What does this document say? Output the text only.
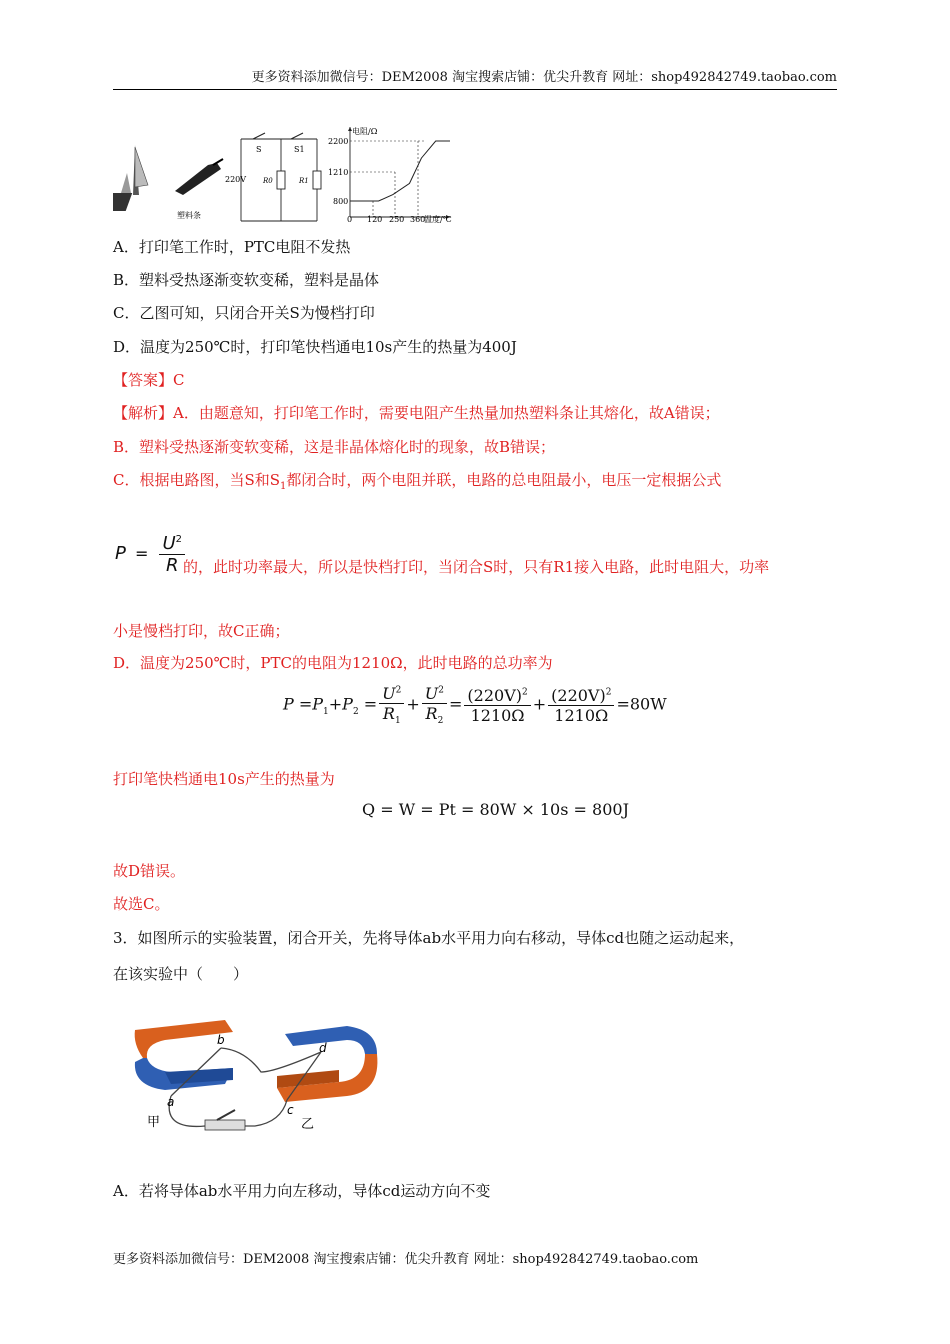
更多资料添加微信号：DEM2008 淘宝搜索店铺：优尖升教育 网址：shop492842749.taobao.com
塑料条
220V
S	S1
R0	R1
电阻/Ω
温度/℃
2200
1210
800
0 120 250 360
A．打印笔工作时，PTC电阻不发热
B．塑料受热逐渐变软变稀，塑料是晶体
C．乙图可知，只闭合开关S为慢档打印
D．温度为250℃时，打印笔快档通电10s产生的热量为400J
【答案】C
【解析】A．由题意知，打印笔工作时，需要电阻产生热量加热塑料条让其熔化，故A错误；
B．塑料受热逐渐变软变稀，这是非晶体熔化时的现象，故B错误；
C．根据电路图，当S和$S_1$都闭合时，两个电阻并联，电路的总电阻最小，电压一定根据公式
$P = \frac{U^2}{R}$
的，此时功率最大，所以是快档打印，当闭合S时，只有R1接入电路，此时电阻大，功率
小是慢档打印，故C正确；
D．温度为250℃时，PTC的电阻为1210Ω，此时电路的总功率为
$P =P_1+P_2 = \frac{U^2}{R_1} + \frac{U^2}{R_2} = \frac{(220V)^2}{1210\Omega} + \frac{(220V)^2}{1210\Omega} =80W$
打印笔快档通电10s产生的热量为
Q = W = Pt = 80W × 10s = 800J
故D错误。
故选C。
3．如图所示的实验装置，闭合开关，先将导体ab水平用力向右移动，导体cd也随之运动起来，
在该实验中（　　）
a
b
c
d
甲	乙
A．若将导体ab水平用力向左移动，导体cd运动方向不变
更多资料添加微信号：DEM2008 淘宝搜索店铺：优尖升教育 网址：shop492842749.taobao.com
